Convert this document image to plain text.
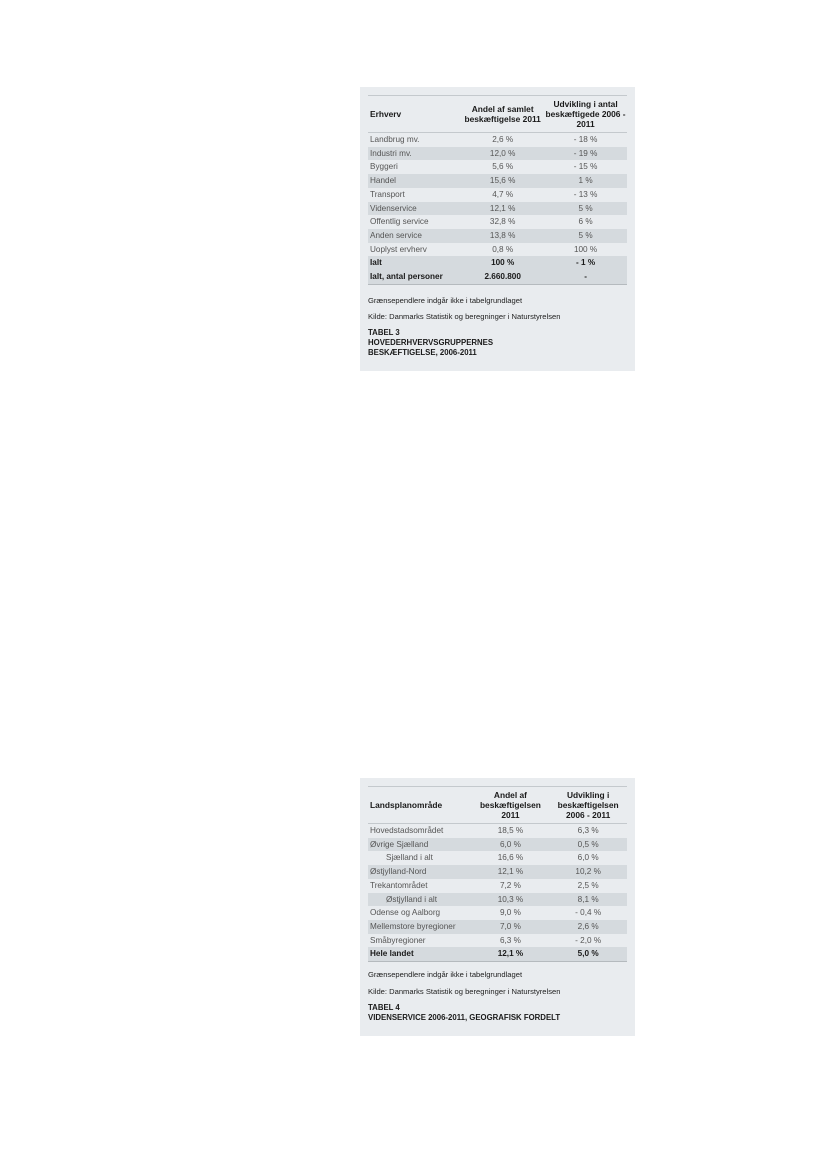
Erhverv	Andel af samlet beskæftigelse 2011	Udvikling i antal beskæftigede 2006 - 2011
Landbrug mv.	2,6 %	- 18 %
Industri mv.	12,0 %	- 19 %
Byggeri	5,6 %	- 15 %
Handel	15,6 %	1 %
Transport	4,7 %	- 13 %
Videnservice	12,1 %	5 %
Offentlig service	32,8 %	6 %
Anden service	13,8 %	5 %
Uoplyst ervherv	0,8 %	100 %
Ialt	100 %	- 1 %
Ialt, antal personer	2.660.800	-
Grænsependlere indgår ikke i tabelgrundlaget
Kilde: Danmarks Statistik og beregninger i Naturstyrelsen
TABEL 3
HOVEDERHVERVSGRUPPERNES
BESKÆFTIGELSE, 2006-2011
Landsplanområde	Andel af beskæftigelsen 2011	Udvikling i beskæftigelsen 2006 - 2011
Hovedstadsområdet	18,5 %	6,3 %
Øvrige Sjælland	6,0 %	0,5 %
Sjælland i alt	16,6 %	6,0 %
Østjylland-Nord	12,1 %	10,2 %
Trekantområdet	7,2 %	2,5 %
Østjylland i alt	10,3 %	8,1 %
Odense og Aalborg	9,0 %	- 0,4 %
Mellemstore byregioner	7,0 %	2,6 %
Småbyregioner	6,3 %	- 2,0 %
Hele landet	12,1 %	5,0 %
Grænsependlere indgår ikke i tabelgrundlaget
Kilde: Danmarks Statistik og beregninger i Naturstyrelsen
TABEL 4
VIDENSERVICE 2006-2011, GEOGRAFISK FORDELT
